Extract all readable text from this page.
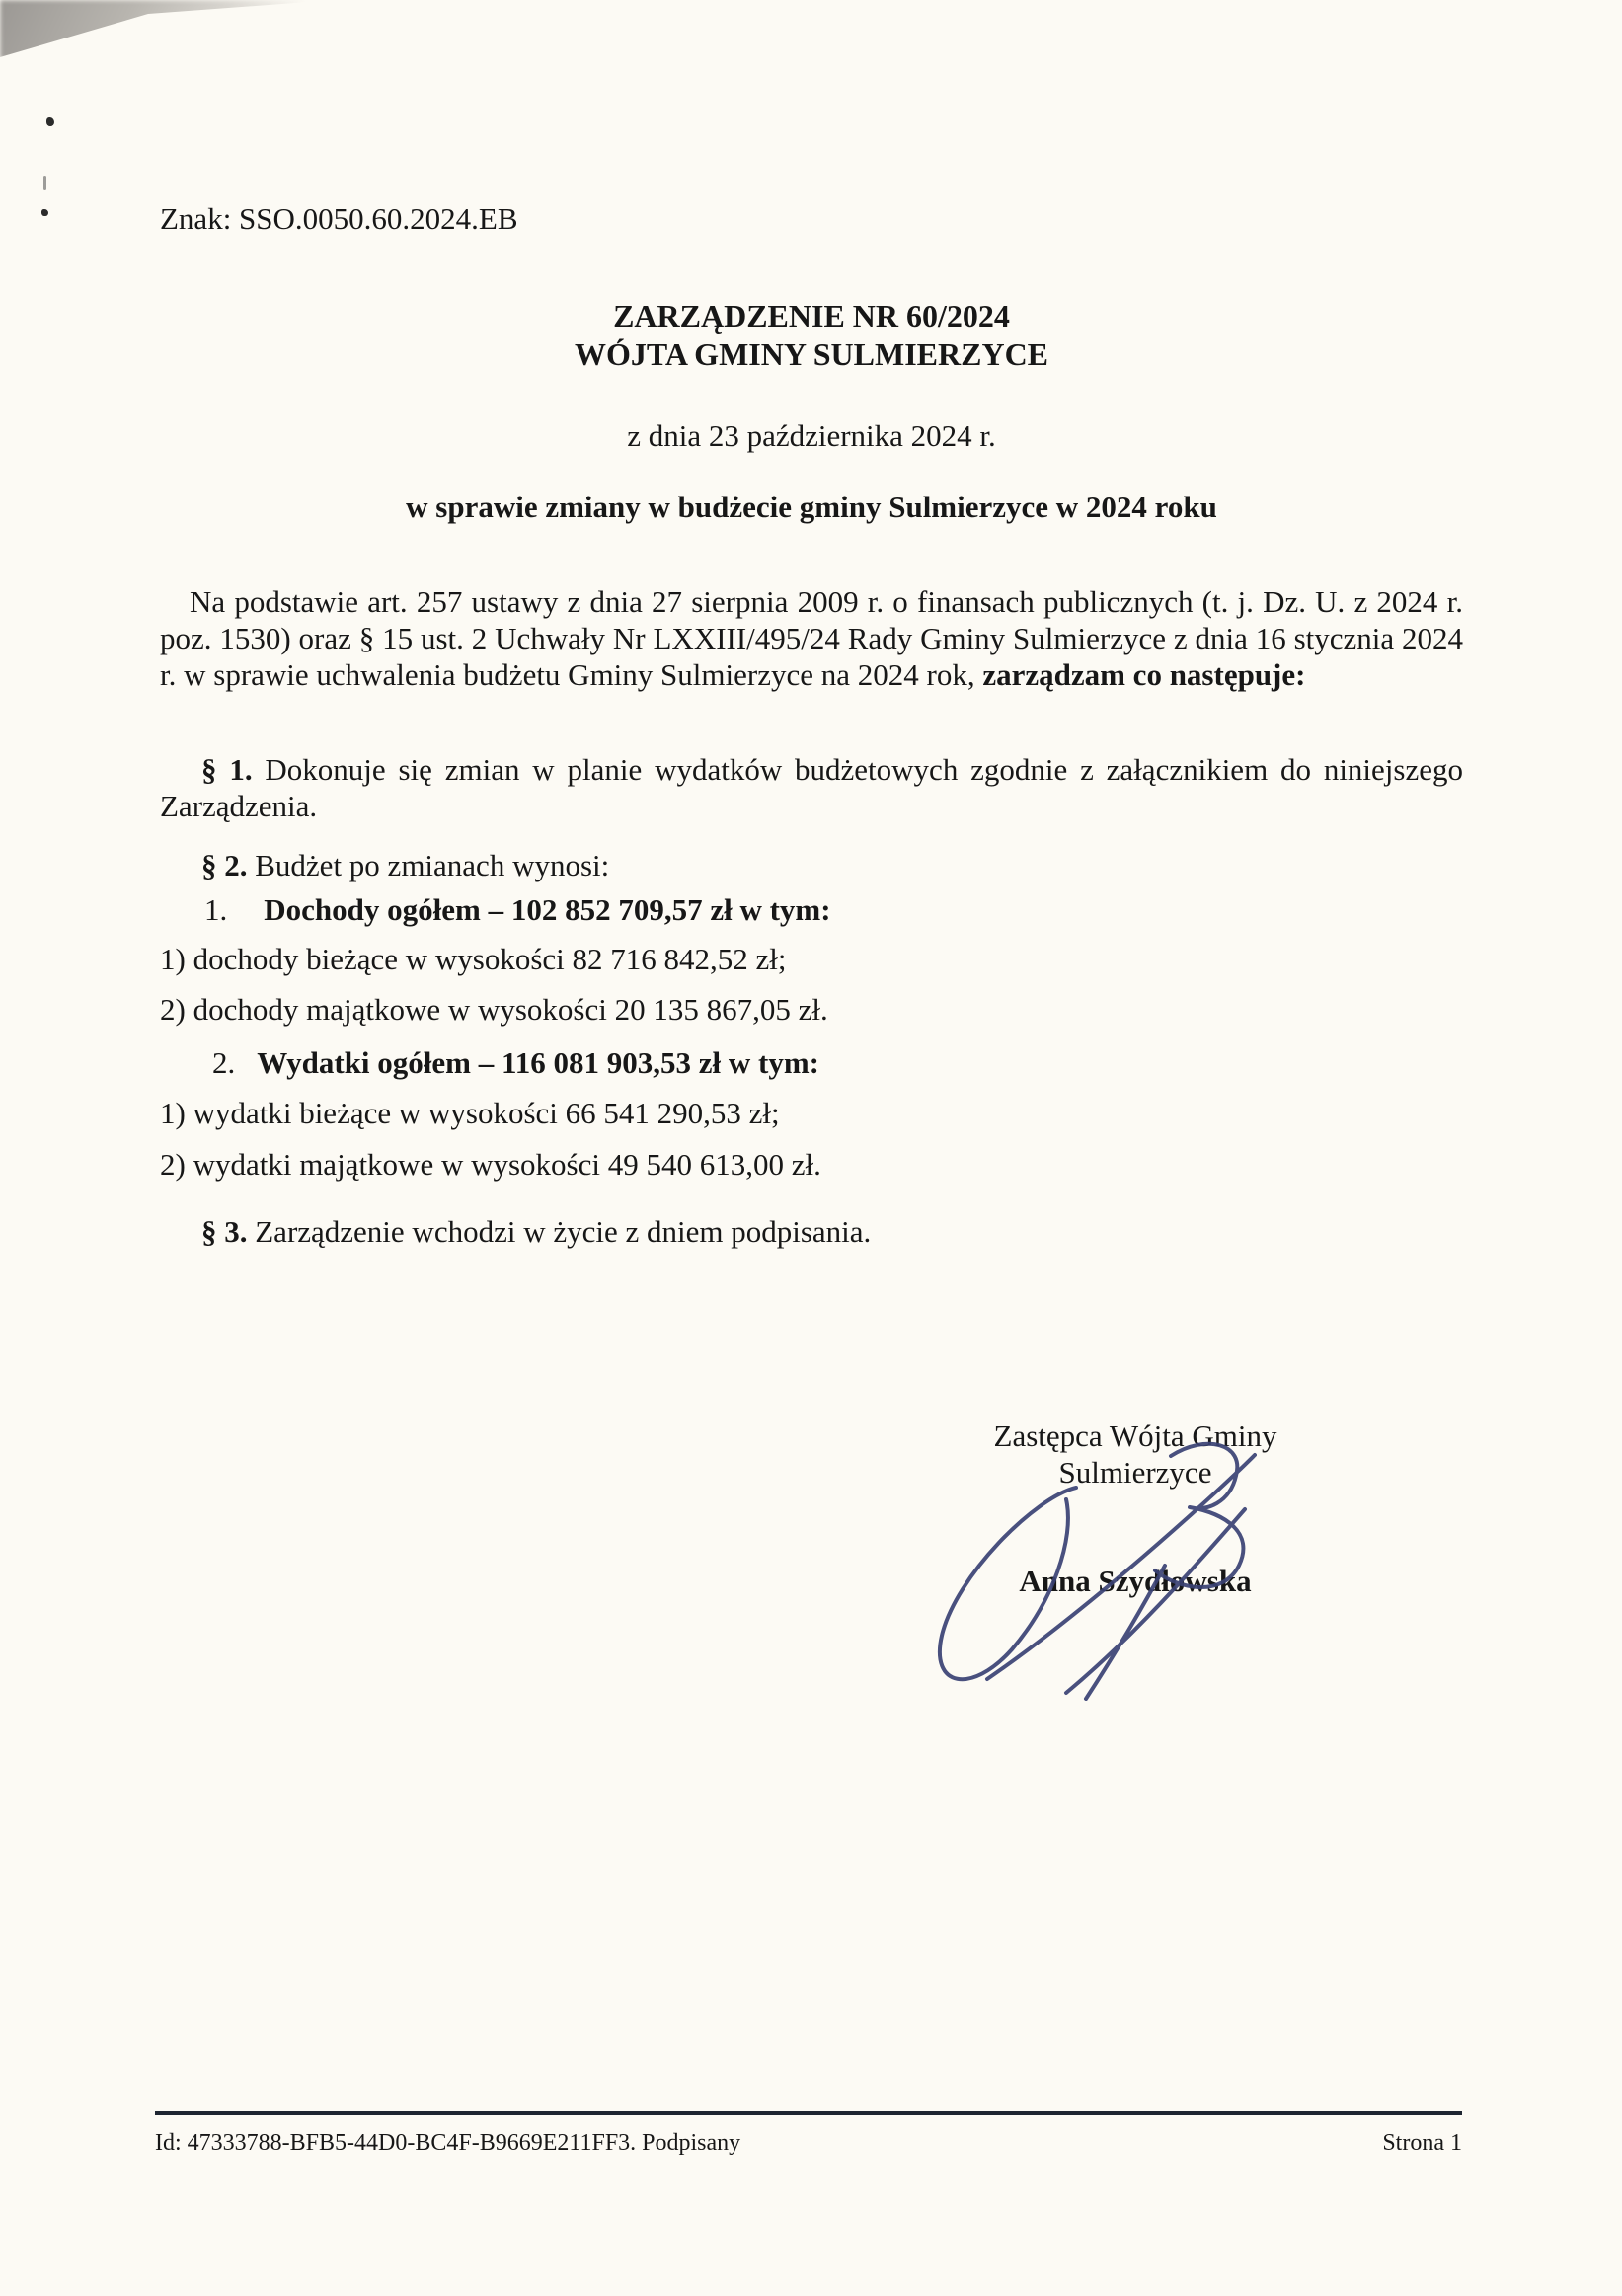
Znak: SSO.0050.60.2024.EB
ZARZĄDZENIE NR 60/2024
WÓJTA GMINY SULMIERZYCE
z dnia 23 października 2024 r.
w sprawie zmiany w budżecie gminy Sulmierzyce w 2024 roku
Na podstawie art. 257 ustawy z dnia 27 sierpnia 2009 r. o finansach publicznych (t. j. Dz. U. z 2024 r. poz. 1530) oraz § 15 ust. 2 Uchwały Nr LXXIII/495/24 Rady Gminy Sulmierzyce z dnia 16 stycznia 2024 r. w sprawie uchwalenia budżetu Gminy Sulmierzyce na 2024 rok, zarządzam co następuje:
§ 1. Dokonuje się zmian w planie wydatków budżetowych zgodnie z załącznikiem do niniejszego Zarządzenia.
§ 2. Budżet po zmianach wynosi:
1. Dochody ogółem – 102 852 709,57 zł w tym:
1) dochody bieżące w wysokości 82 716 842,52 zł;
2) dochody majątkowe w wysokości 20 135 867,05 zł.
2. Wydatki ogółem – 116 081 903,53 zł w tym:
1) wydatki bieżące w wysokości 66 541 290,53 zł;
2) wydatki majątkowe w wysokości 49 540 613,00 zł.
§ 3. Zarządzenie wchodzi w życie z dniem podpisania.
Zastępca Wójta Gminy
Sulmierzyce
Anna Szydłowska
Id: 47333788-BFB5-44D0-BC4F-B9669E211FF3. Podpisany	Strona 1
